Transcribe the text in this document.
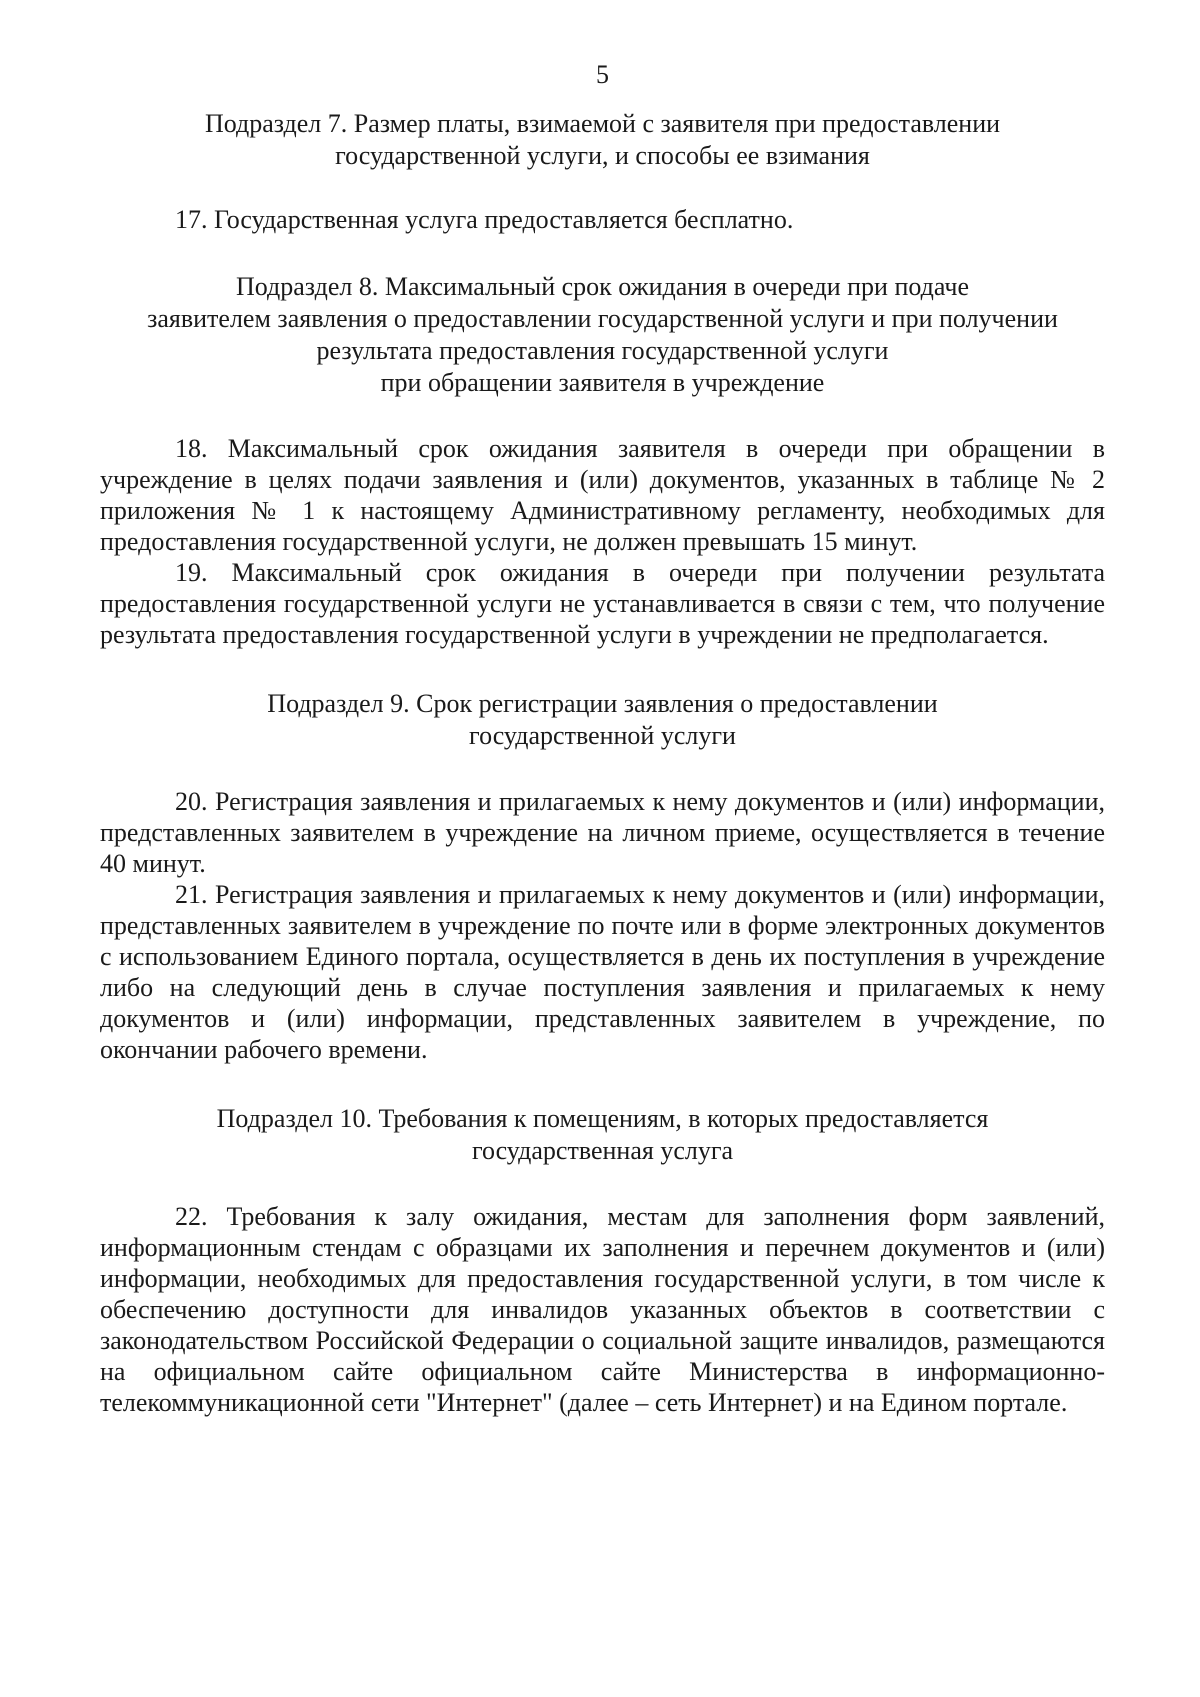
5
Подраздел 7. Размер платы, взимаемой с заявителя при предоставлении
государственной услуги, и способы ее взимания

17. Государственная услуга предоставляется бесплатно.

Подраздел 8. Максимальный срок ожидания в очереди при подаче
заявителем заявления о предоставлении государственной услуги и при получении
результата предоставления государственной услуги
при обращении заявителя в учреждение

18. Максимальный срок ожидания заявителя в очереди при обращении в учреждение в целях подачи заявления и (или) документов, указанных в таблице № 2 приложения № 1 к настоящему Административному регламенту, необходимых для предоставления государственной услуги, не должен превышать 15 минут.

19. Максимальный срок ожидания в очереди при получении результата предоставления государственной услуги не устанавливается в связи с тем, что получение результата предоставления государственной услуги в учреждении не предполагается.

Подраздел 9. Срок регистрации заявления о предоставлении
государственной услуги

20. Регистрация заявления и прилагаемых к нему документов и (или) информации, представленных заявителем в учреждение на личном приеме, осуществляется в течение 40 минут.

21. Регистрация заявления и прилагаемых к нему документов и (или) информации, представленных заявителем в учреждение по почте или в форме электронных документов с использованием Единого портала, осуществляется в день их поступления в учреждение либо на следующий день в случае поступления заявления и прилагаемых к нему документов и (или) информации, представленных заявителем в учреждение, по окончании рабочего времени.

Подраздел 10. Требования к помещениям, в которых предоставляется
государственная услуга

22. Требования к залу ожидания, местам для заполнения форм заявлений, информационным стендам с образцами их заполнения и перечнем документов и (или) информации, необходимых для предоставления государственной услуги, в том числе к обеспечению доступности для инвалидов указанных объектов в соответствии с законодательством Российской Федерации о социальной защите инвалидов, размещаются на официальном сайте официальном сайте Министерства в информационно-телекоммуникационной сети "Интернет" (далее – сеть Интернет) и на Едином портале.
